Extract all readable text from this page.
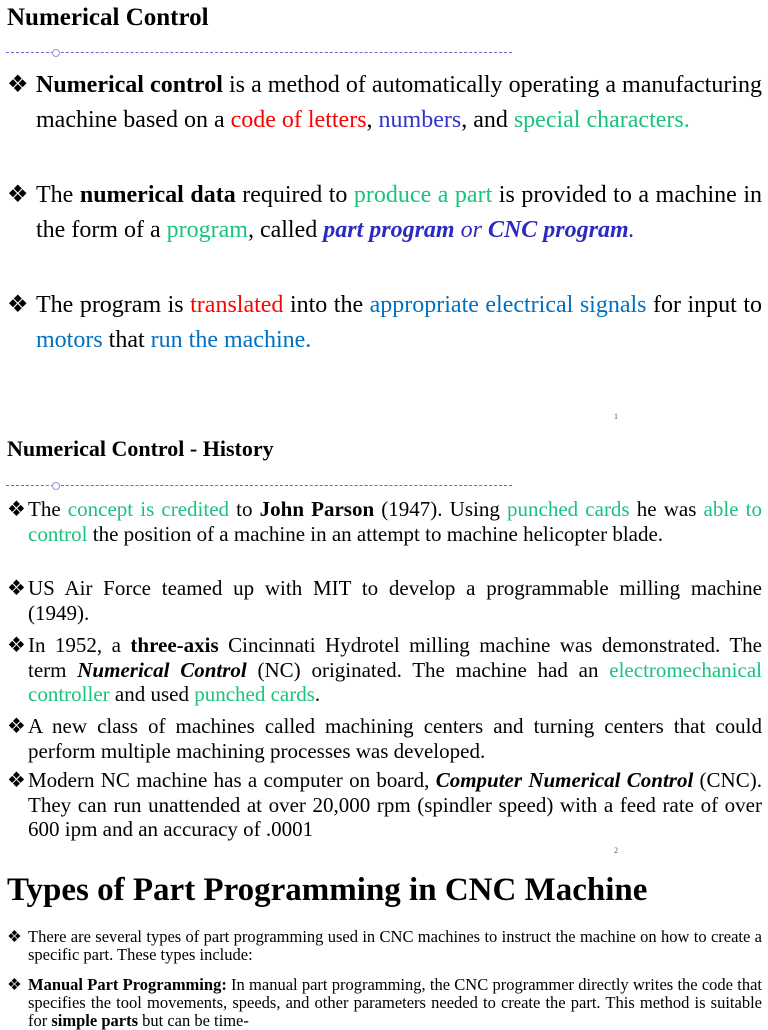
Numerical Control

❖ Numerical control is a method of automatically operating a manufacturing machine based on a code of letters, numbers, and special characters.

❖ The numerical data required to produce a part is provided to a machine in the form of a program, called part program or CNC program.

❖ The program is translated into the appropriate electrical signals for input to motors that run the machine.

1
Numerical Control - History

❖ The concept is credited to John Parson (1947). Using punched cards he was able to control the position of a machine in an attempt to machine helicopter blade.

❖ US Air Force teamed up with MIT to develop a programmable milling machine (1949).

❖ In 1952, a three-axis Cincinnati Hydrotel milling machine was demonstrated. The term Numerical Control (NC) originated. The machine had an electromechanical controller and used punched cards.

❖ A new class of machines called machining centers and turning centers that could perform multiple machining processes was developed.

❖ Modern NC machine has a computer on board, Computer Numerical Control (CNC). They can run unattended at over 20,000 rpm (spindler speed) with a feed rate of over 600 ipm and an accuracy of .0001

2
Types of Part Programming in CNC Machine

❖ There are several types of part programming used in CNC machines to instruct the machine on how to create a specific part. These types include:

❖ Manual Part Programming: In manual part programming, the CNC programmer directly writes the code that specifies the tool movements, speeds, and other parameters needed to create the part. This method is suitable for simple parts but can be time-
